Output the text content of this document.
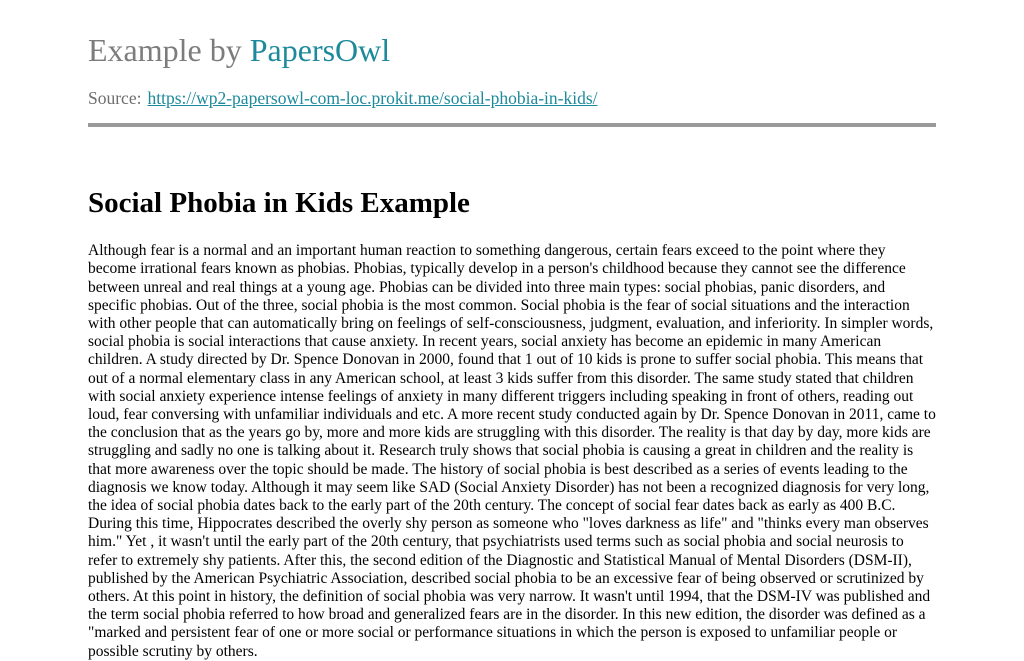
Example by PapersOwl

Source: https://wp2-papersowl-com-loc.prokit.me/social-phobia-in-kids/

Social Phobia in Kids Example

Although fear is a normal and an important human reaction to something dangerous, certain fears exceed to the point where they become irrational fears known as phobias. Phobias, typically develop in a person's childhood because they cannot see the difference between unreal and real things at a young age. Phobias can be divided into three main types: social phobias, panic disorders, and specific phobias. Out of the three, social phobia is the most common. Social phobia is the fear of social situations and the interaction with other people that can automatically bring on feelings of self-consciousness, judgment, evaluation, and inferiority. In simpler words, social phobia is social interactions that cause anxiety. In recent years, social anxiety has become an epidemic in many American children. A study directed by Dr. Spence Donovan in 2000, found that 1 out of 10 kids is prone to suffer social phobia. This means that out of a normal elementary class in any American school, at least 3 kids suffer from this disorder. The same study stated that children with social anxiety experience intense feelings of anxiety in many different triggers including speaking in front of others, reading out loud, fear conversing with unfamiliar individuals and etc. A more recent study conducted again by Dr. Spence Donovan in 2011, came to the conclusion that as the years go by, more and more kids are struggling with this disorder. The reality is that day by day, more kids are struggling and sadly no one is talking about it. Research truly shows that social phobia is causing a great in children and the reality is that more awareness over the topic should be made. The history of social phobia is best described as a series of events leading to the diagnosis we know today. Although it may seem like SAD (Social Anxiety Disorder) has not been a recognized diagnosis for very long, the idea of social phobia dates back to the early part of the 20th century. The concept of social fear dates back as early as 400 B.C. During this time, Hippocrates described the overly shy person as someone who "loves darkness as life" and "thinks every man observes him." Yet , it wasn't until the early part of the 20th century, that psychiatrists used terms such as social phobia and social neurosis to refer to extremely shy patients. After this, the second edition of the Diagnostic and Statistical Manual of Mental Disorders (DSM-II), published by the American Psychiatric Association, described social phobia to be an excessive fear of being observed or scrutinized by others. At this point in history, the definition of social phobia was very narrow. It wasn't until 1994, that the DSM-IV was published and the term social phobia referred to how broad and generalized fears are in the disorder. In this new edition, the disorder was defined as a "marked and persistent fear of one or more social or performance situations in which the person is exposed to unfamiliar people or possible scrutiny by others.
